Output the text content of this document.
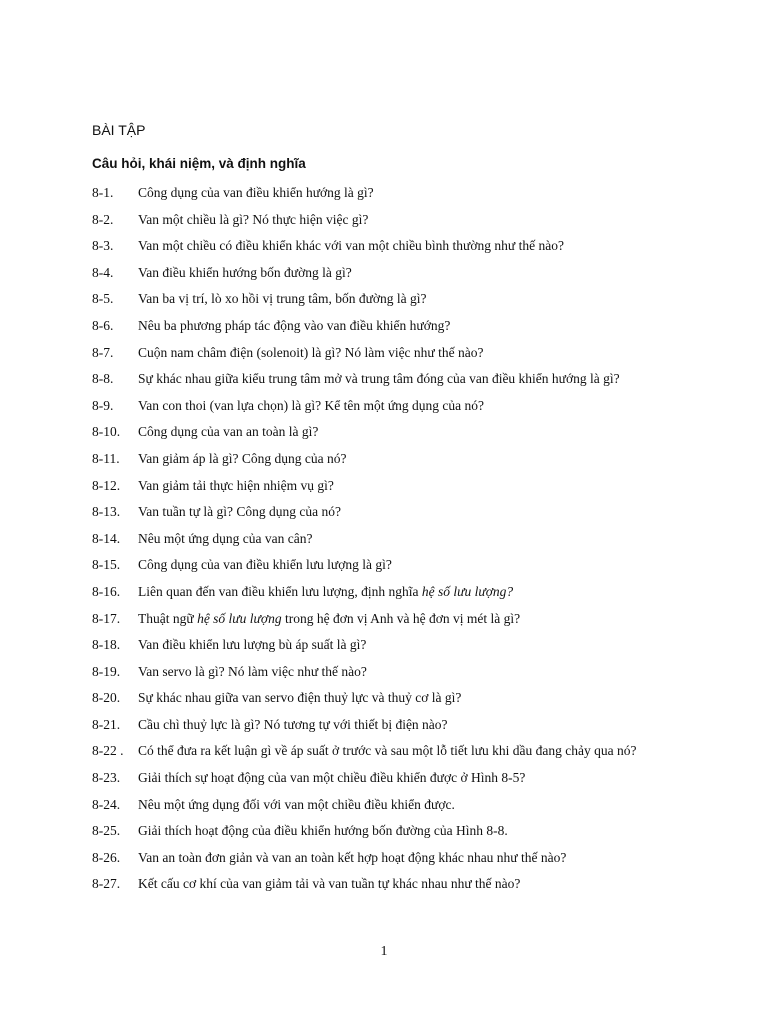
BÀI TẬP
Câu hỏi, khái niệm, và định nghĩa
8-1.	Công dụng của van điều khiển hướng là gì?
8-2.	Van một chiều là gì? Nó thực hiện việc gì?
8-3.	Van một chiều có điều khiển khác với van một chiều bình thường như thế nào?
8-4.	Van điều khiển hướng bốn đường là gì?
8-5.	Van ba vị trí, lò xo hồi vị trung tâm, bốn đường là gì?
8-6.	Nêu ba phương pháp tác động vào van điều khiển hướng?
8-7.	Cuộn nam châm điện (solenoit) là gì? Nó làm việc như thế nào?
8-8.	Sự khác nhau giữa kiểu trung tâm mở và trung tâm đóng của van điều khiển hướng là gì?
8-9.	Van con thoi (van lựa chọn) là gì? Kể tên một ứng dụng của nó?
8-10.	Công dụng của van an toàn là gì?
8-11.	Van giảm áp là gì? Công dụng của nó?
8-12.	Van giảm tải thực hiện nhiệm vụ gì?
8-13.	Van tuần tự là gì? Công dụng của nó?
8-14.	Nêu một ứng dụng của van cân?
8-15.	Công dụng của van điều khiển lưu lượng là gì?
8-16.	Liên quan đến van điều khiển lưu lượng, định nghĩa hệ số lưu lượng?
8-17.	Thuật ngữ hệ số lưu lượng trong hệ đơn vị Anh và hệ đơn vị mét là gì?
8-18.	Van điều khiển lưu lượng bù áp suất là gì?
8-19.	Van servo là gì? Nó làm việc như thế nào?
8-20.	Sự khác nhau giữa van servo điện thuỷ lực và thuỷ cơ là gì?
8-21.	Cầu chì thuỷ lực là gì? Nó tương tự với thiết bị điện nào?
8-22 .	Có thể đưa ra kết luận gì về áp suất ở trước và sau một lỗ tiết lưu khi dầu đang chảy qua nó?
8-23.	Giải thích sự hoạt động của van một chiều điều khiển được ở Hình 8-5?
8-24.	Nêu một ứng dụng đối với van một chiều điều khiển được.
8-25.	Giải thích hoạt động của điều khiển hướng bốn đường của Hình 8-8.
8-26.	Van an toàn đơn giản và van an toàn kết hợp hoạt động khác nhau như thế nào?
8-27.	Kết cấu cơ khí của van giảm tải và van tuần tự khác nhau như thế nào?
1
